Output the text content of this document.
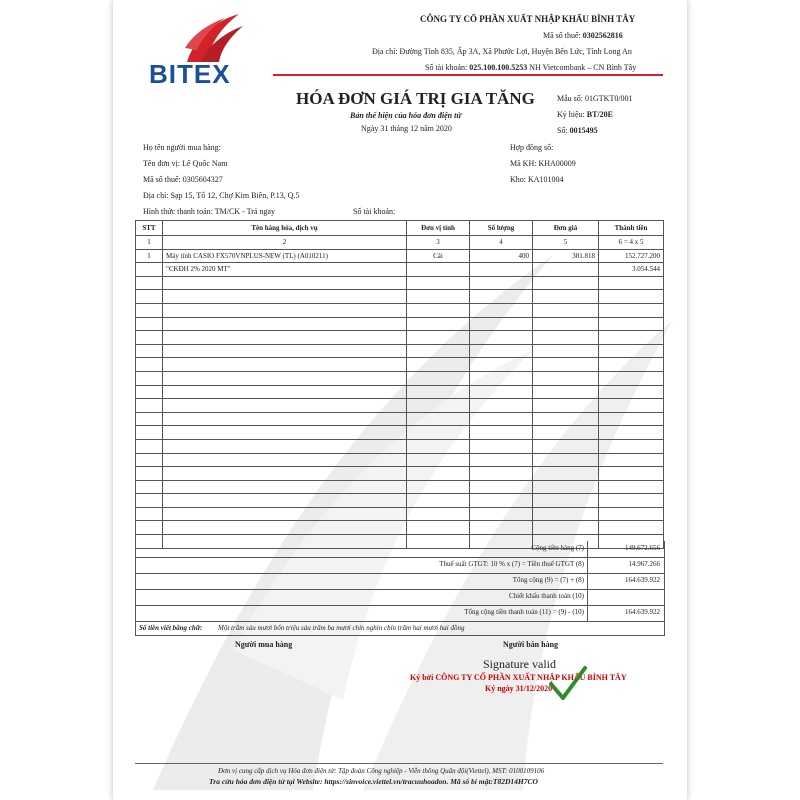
BITEX
CÔNG TY CỔ PHẦN XUẤT NHẬP KHẨU BÌNH TÂY
Mã số thuế: 0302562816
Địa chỉ: Đường Tỉnh 835, Ấp 3A, Xã Phước Lợi, Huyện Bến Lức, Tỉnh Long An
Số tài khoản: 025.100.100.5253 NH Vietcombank – CN Bình Tây
HÓA ĐƠN GIÁ TRỊ GIA TĂNG
Bản thể hiện của hóa đơn điện tử
Ngày 31 tháng 12 năm 2020
Mẫu số: 01GTKT0/001
Ký hiệu: BT/20E
Số: 0015495
Họ tên người mua hàng:
Tên đơn vị: Lê Quốc Nam
Mã số thuế: 0305604327
Địa chỉ: Sạp 15, Tổ 12, Chợ Kim Biên, P.13, Q.5
Hình thức thanh toán: TM/CK - Trả ngay	Số tài khoản:
Hợp đồng số:
Mã KH: KHA00009
Kho: KA101004
STT	Tên hàng hóa, dịch vụ	Đơn vị tính	Số lượng	Đơn giá	Thành tiền
1	2	3	4	5	6 = 4 x 5
1	Máy tính CASIO FX570VNPLUS-NEW (TL) (A010211)	Cái	400	381.818	152.727.200
	"CKĐH 2% 2020 MT"				3.054.544

Cộng tiền hàng (7)	149.672.656
Thuế suất GTGT: 10 % x (7) = Tiền thuế GTGT (8)	14.967.266
Tổng cộng (9) = (7) + (8)	164.639.922
Chiết khấu thanh toán (10)
Tổng cộng tiền thanh toán (11) = (9) - (10)	164.639.922
Số tiền viết bằng chữ: Một trăm sáu mươi bốn triệu sáu trăm ba mươi chín nghìn chín trăm hai mươi hai đồng
Người mua hàng	Người bán hàng
Signature valid
Ký bởi CÔNG TY CỔ PHẦN XUẤT NHẬP KHẨU BÌNH TÂY
Ký ngày 31/12/2020
Đơn vị cung cấp dịch vụ Hóa đơn điện tử: Tập đoàn Công nghiệp - Viễn thông Quân đội(Viettel), MST: 0100109106
Tra cứu hóa đơn điện tử tại Website: https://sinvoice.viettel.vn/tracuuhoadon. Mã số bí mật:T82D14H7CO
